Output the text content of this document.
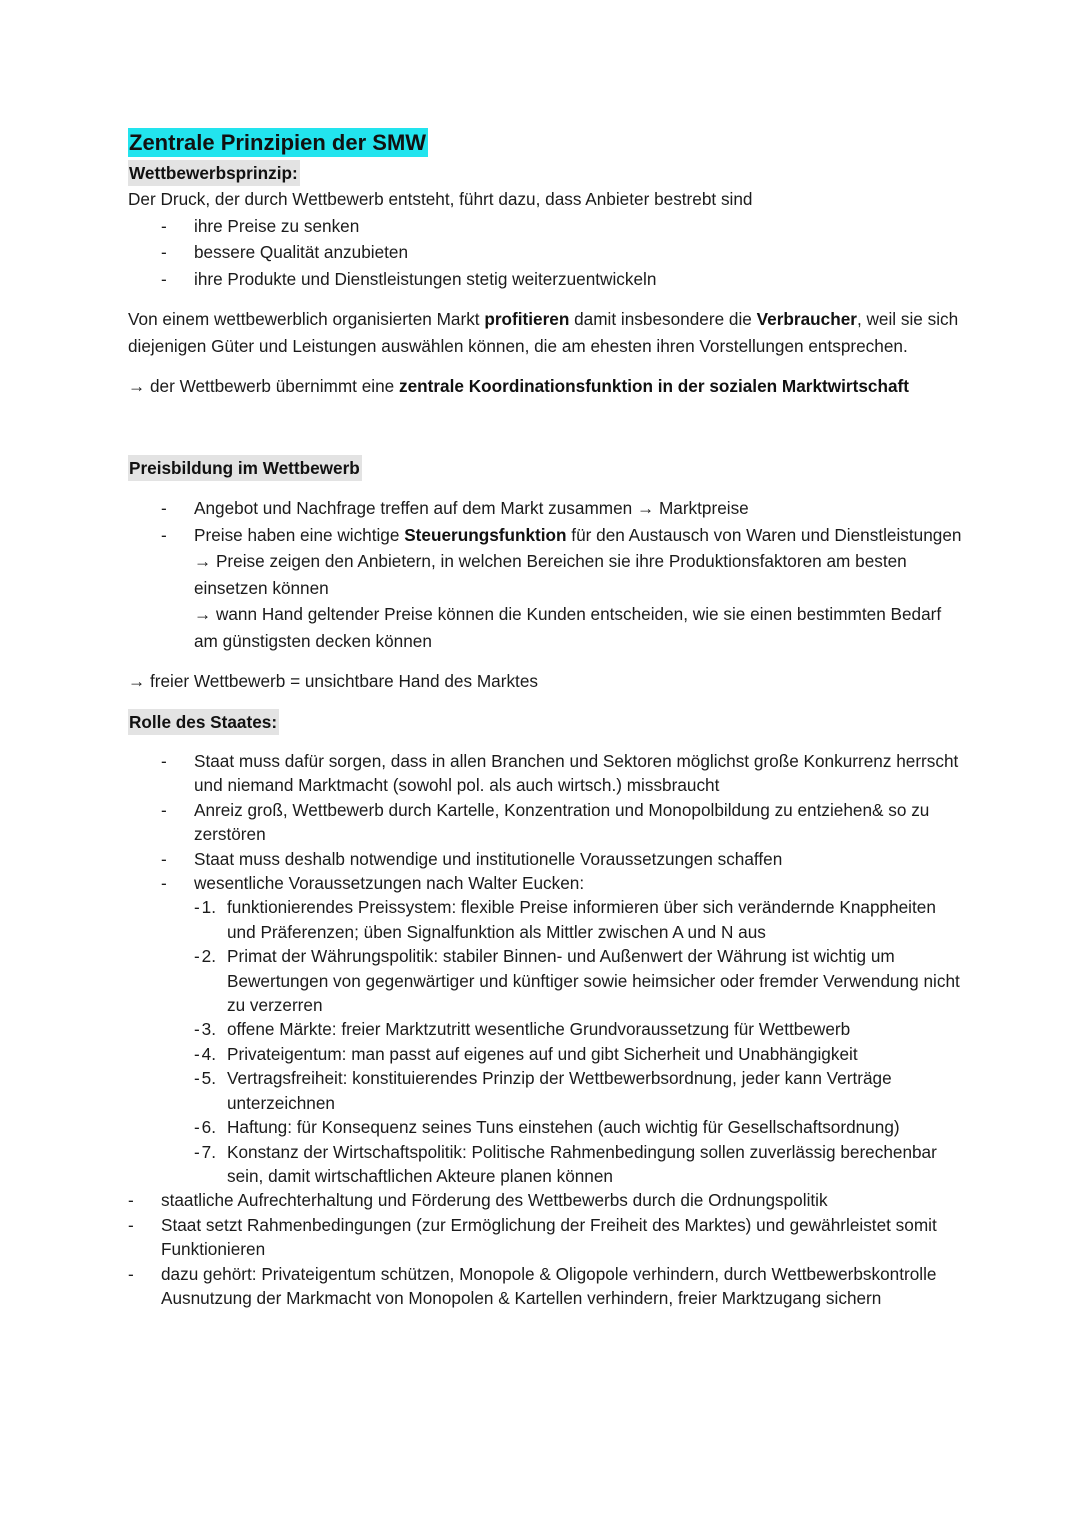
Zentrale Prinzipien der SMW
Wettbewerbsprinzip:

Der Druck, der durch Wettbewerb entsteht, führt dazu, dass Anbieter bestrebt sind

- ihre Preise zu senken
- bessere Qualität anzubieten
- ihre Produkte und Dienstleistungen stetig weiterzuentwickeln

Von einem wettbewerblich organisierten Markt profitieren damit insbesondere die Verbraucher, weil sie sich diejenigen Güter und Leistungen auswählen können, die am ehesten ihren Vorstellungen entsprechen.

→ der Wettbewerb übernimmt eine zentrale Koordinationsfunktion in der sozialen Marktwirtschaft

Preisbildung im Wettbewerb
- Angebot und Nachfrage treffen auf dem Markt zusammen → Marktpreise
- Preise haben eine wichtige Steuerungsfunktion für den Austausch von Waren und Dienstleistungen
→ Preise zeigen den Anbietern, in welchen Bereichen sie ihre Produktionsfaktoren am besten einsetzen können
→ wann Hand geltender Preise können die Kunden entscheiden, wie sie einen bestimmten Bedarf am günstigsten decken können

→ freier Wettbewerb = unsichtbare Hand des Marktes

Rolle des Staates:
- Staat muss dafür sorgen, dass in allen Branchen und Sektoren möglichst große Konkurrenz herrscht und niemand Marktmacht (sowohl pol. als auch wirtsch.) missbraucht
- Anreiz groß, Wettbewerb durch Kartelle, Konzentration und Monopolbildung zu entziehen& so zu zerstören
- Staat muss deshalb notwendige und institutionelle Voraussetzungen schaffen
- wesentliche Voraussetzungen nach Walter Eucken:
- 1. funktionierendes Preissystem: flexible Preise informieren über sich verändernde Knappheiten und Präferenzen; üben Signalfunktion als Mittler zwischen A und N aus
- 2. Primat der Währungspolitik: stabiler Binnen- und Außenwert der Währung ist wichtig um Bewertungen von gegenwärtiger und künftiger sowie heimsicher oder fremder Verwendung nicht zu verzerren
- 3. offene Märkte: freier Marktzutritt wesentliche Grundvoraussetzung für Wettbewerb
- 4. Privateigentum: man passt auf eigenes auf und gibt Sicherheit und Unabhängigkeit
- 5. Vertragsfreiheit: konstituierendes Prinzip der Wettbewerbsordnung, jeder kann Verträge unterzeichnen
- 6. Haftung: für Konsequenz seines Tuns einstehen (auch wichtig für Gesellschaftsordnung)
- 7. Konstanz der Wirtschaftspolitik: Politische Rahmenbedingung sollen zuverlässig berechenbar sein, damit wirtschaftlichen Akteure planen können
- staatliche Aufrechterhaltung und Förderung des Wettbewerbs durch die Ordnungspolitik
- Staat setzt Rahmenbedingungen (zur Ermöglichung der Freiheit des Marktes) und gewährleistet somit Funktionieren
- dazu gehört: Privateigentum schützen, Monopole & Oligopole verhindern, durch Wettbewerbskontrolle Ausnutzung der Markmacht von Monopolen & Kartellen verhindern, freier Marktzugang sichern
